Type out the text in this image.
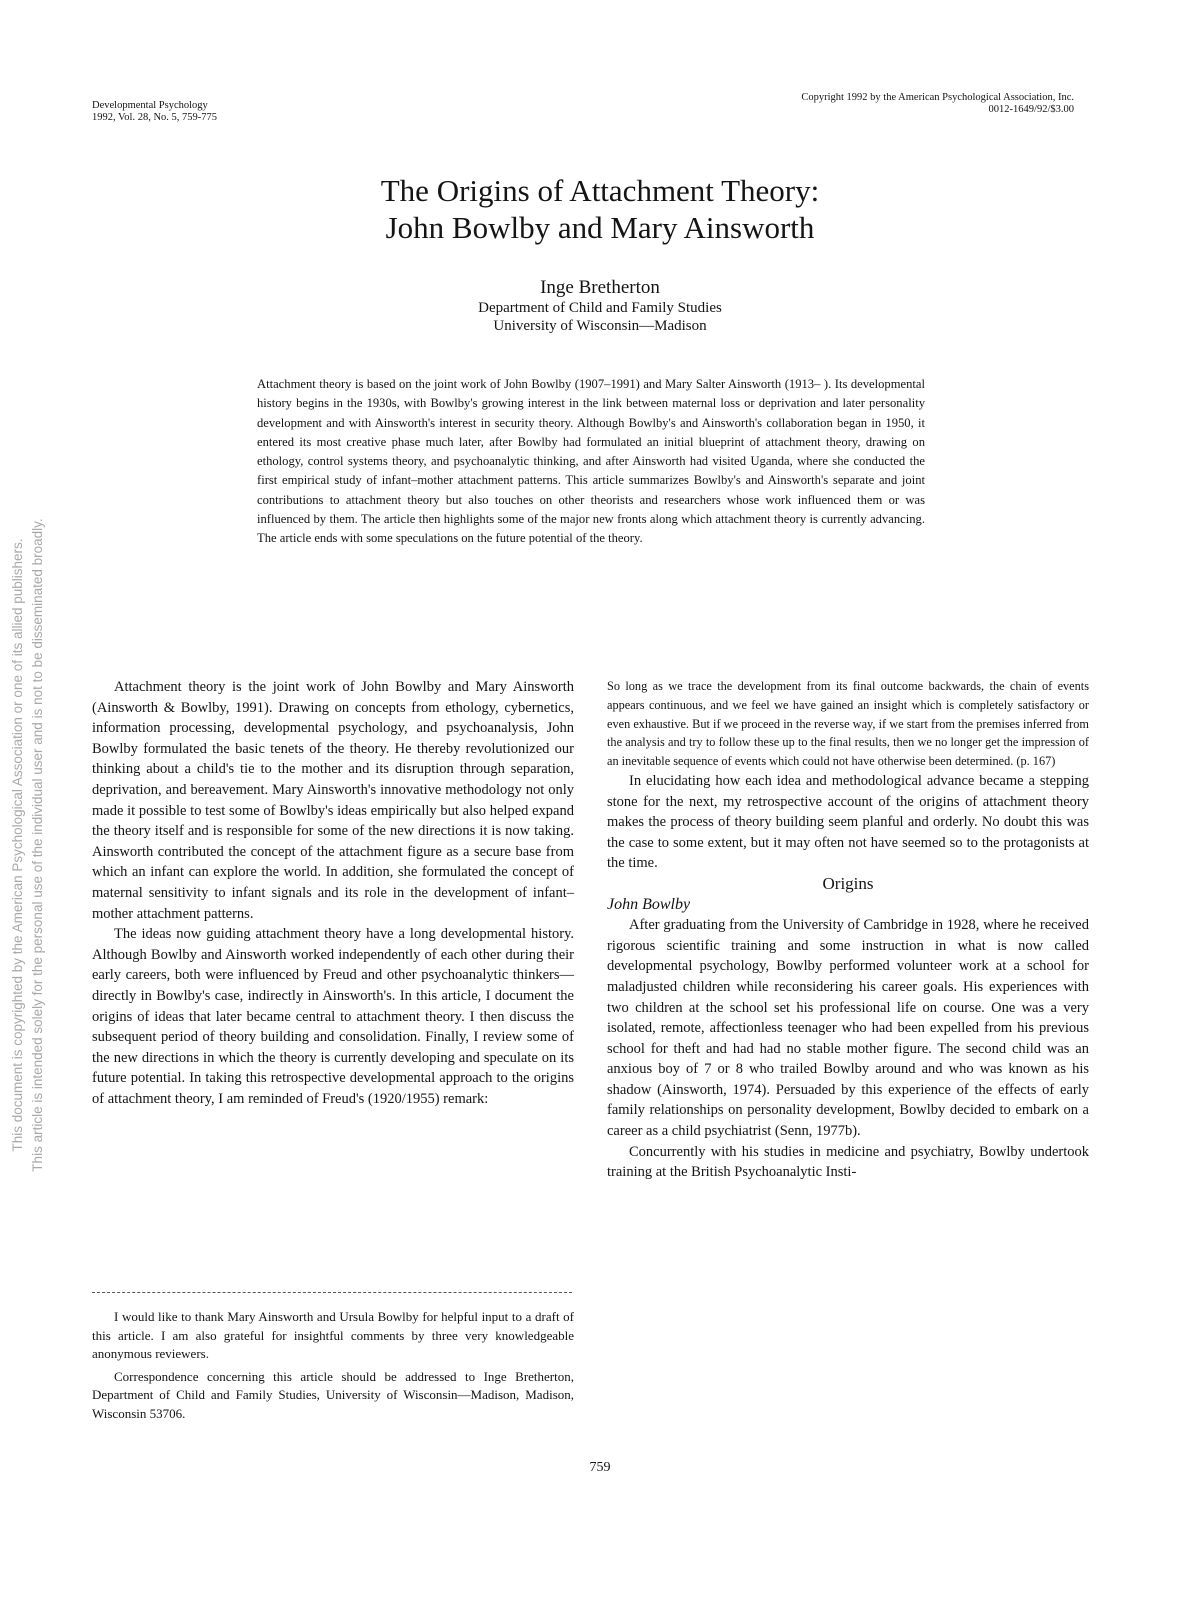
Developmental Psychology
1992, Vol. 28, No. 5, 759-775
Copyright 1992 by the American Psychological Association, Inc.
0012-1649/92/$3.00
The Origins of Attachment Theory:
John Bowlby and Mary Ainsworth
Inge Bretherton
Department of Child and Family Studies
University of Wisconsin—Madison

Attachment theory is based on the joint work of John Bowlby (1907–1991) and Mary Salter Ainsworth (1913– ). Its developmental history begins in the 1930s, with Bowlby's growing interest in the link between maternal loss or deprivation and later personality development and with Ainsworth's interest in security theory. Although Bowlby's and Ainsworth's collaboration began in 1950, it entered its most creative phase much later, after Bowlby had formulated an initial blueprint of attachment theory, drawing on ethology, control systems theory, and psychoanalytic thinking, and after Ainsworth had visited Uganda, where she conducted the first empirical study of infant–mother attachment patterns. This article summarizes Bowlby's and Ainsworth's separate and joint contributions to attachment theory but also touches on other theorists and researchers whose work influenced them or was influenced by them. The article then highlights some of the major new fronts along which attachment theory is currently advancing. The article ends with some speculations on the future potential of the theory.

Attachment theory is the joint work of John Bowlby and Mary Ainsworth (Ainsworth & Bowlby, 1991). Drawing on concepts from ethology, cybernetics, information processing, developmental psychology, and psychoanalysis, John Bowlby formulated the basic tenets of the theory. He thereby revolutionized our thinking about a child's tie to the mother and its disruption through separation, deprivation, and bereavement. Mary Ainsworth's innovative methodology not only made it possible to test some of Bowlby's ideas empirically but also helped expand the theory itself and is responsible for some of the new directions it is now taking. Ainsworth contributed the concept of the attachment figure as a secure base from which an infant can explore the world. In addition, she formulated the concept of maternal sensitivity to infant signals and its role in the development of infant–mother attachment patterns.

The ideas now guiding attachment theory have a long developmental history. Although Bowlby and Ainsworth worked independently of each other during their early careers, both were influenced by Freud and other psychoanalytic thinkers—directly in Bowlby's case, indirectly in Ainsworth's. In this article, I document the origins of ideas that later became central to attachment theory. I then discuss the subsequent period of theory building and consolidation. Finally, I review some of the new directions in which the theory is currently developing and speculate on its future potential. In taking this retrospective developmental approach to the origins of attachment theory, I am reminded of Freud's (1920/1955) remark:

I would like to thank Mary Ainsworth and Ursula Bowlby for helpful input to a draft of this article. I am also grateful for insightful comments by three very knowledgeable anonymous reviewers.

Correspondence concerning this article should be addressed to Inge Bretherton, Department of Child and Family Studies, University of Wisconsin—Madison, Madison, Wisconsin 53706.

So long as we trace the development from its final outcome backwards, the chain of events appears continuous, and we feel we have gained an insight which is completely satisfactory or even exhaustive. But if we proceed in the reverse way, if we start from the premises inferred from the analysis and try to follow these up to the final results, then we no longer get the impression of an inevitable sequence of events which could not have otherwise been determined. (p. 167)

In elucidating how each idea and methodological advance became a stepping stone for the next, my retrospective account of the origins of attachment theory makes the process of theory building seem planful and orderly. No doubt this was the case to some extent, but it may often not have seemed so to the protagonists at the time.

Origins

John Bowlby

After graduating from the University of Cambridge in 1928, where he received rigorous scientific training and some instruction in what is now called developmental psychology, Bowlby performed volunteer work at a school for maladjusted children while reconsidering his career goals. His experiences with two children at the school set his professional life on course. One was a very isolated, remote, affectionless teenager who had been expelled from his previous school for theft and had had no stable mother figure. The second child was an anxious boy of 7 or 8 who trailed Bowlby around and who was known as his shadow (Ainsworth, 1974). Persuaded by this experience of the effects of early family relationships on personality development, Bowlby decided to embark on a career as a child psychiatrist (Senn, 1977b).

Concurrently with his studies in medicine and psychiatry, Bowlby undertook training at the British Psychoanalytic Insti-

759
This document is copyrighted by the American Psychological Association or one of its allied publishers. This article is intended solely for the personal use of the individual user and is not to be disseminated broadly.
